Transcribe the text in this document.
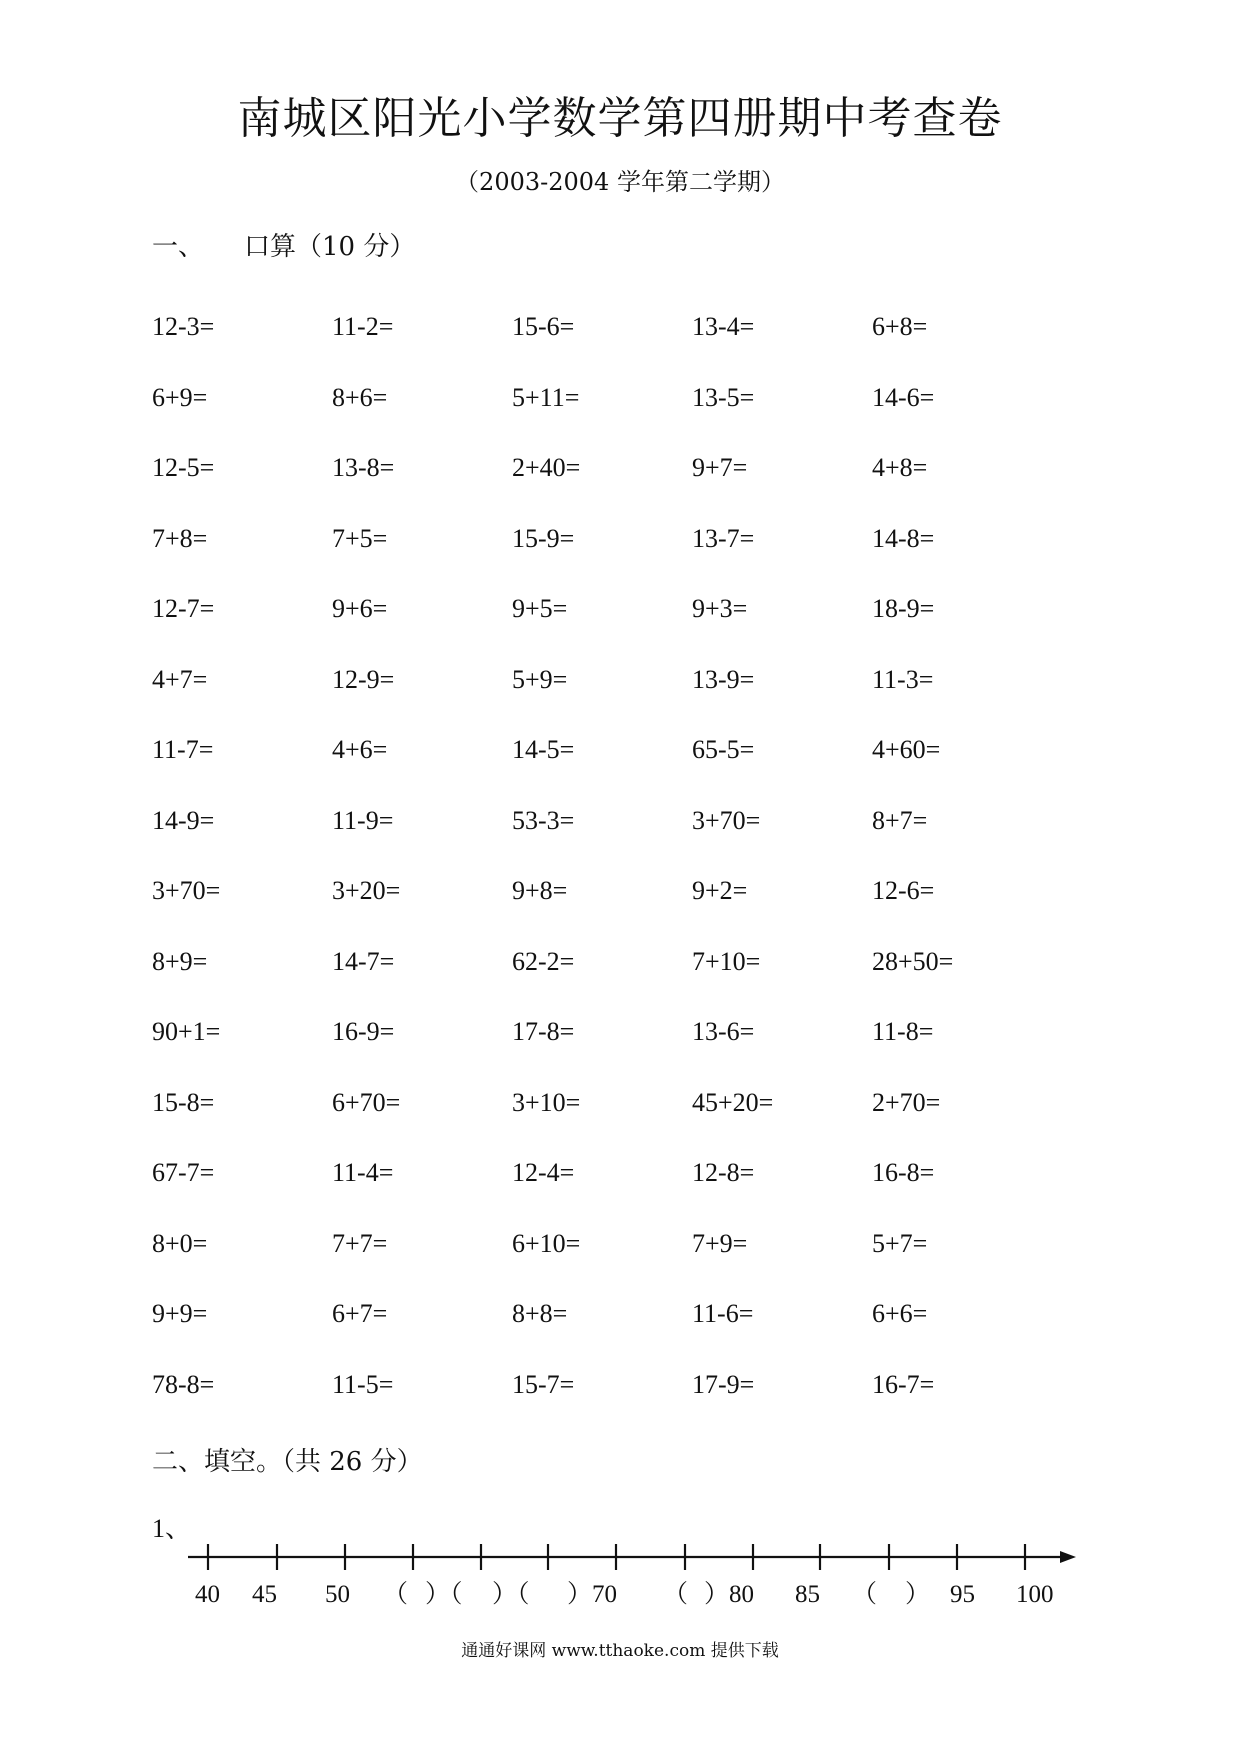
南城区阳光小学数学第四册期中考查卷
（2003-2004 学年第二学期）
一、 口算（10 分）
12-3=	11-2=	15-6=	13-4=	6+8=
6+9=	8+6=	5+11=	13-5=	14-6=
12-5=	13-8=	2+40=	9+7=	4+8=
7+8=	7+5=	15-9=	13-7=	14-8=
12-7=	9+6=	9+5=	9+3=	18-9=
4+7=	12-9=	5+9=	13-9=	11-3=
11-7=	4+6=	14-5=	65-5=	4+60=
14-9=	11-9=	53-3=	3+70=	8+7=
3+70=	3+20=	9+8=	9+2=	12-6=
8+9=	14-7=	62-2=	7+10=	28+50=
90+1=	16-9=	17-8=	13-6=	11-8=
15-8=	6+70=	3+10=	45+20=	2+70=
67-7=	11-4=	12-4=	12-8=	16-8=
8+0=	7+7=	6+10=	7+9=	5+7=
9+9=	6+7=	8+8=	11-6=	6+6=
78-8=	11-5=	15-7=	17-9=	16-7=
二、填空。（共 26 分）
1、
40 45 50 （ ）（ ）（ ）70 （ ）80 85 （ ） 95 100
通通好课网 www.tthaoke.com 提供下载
